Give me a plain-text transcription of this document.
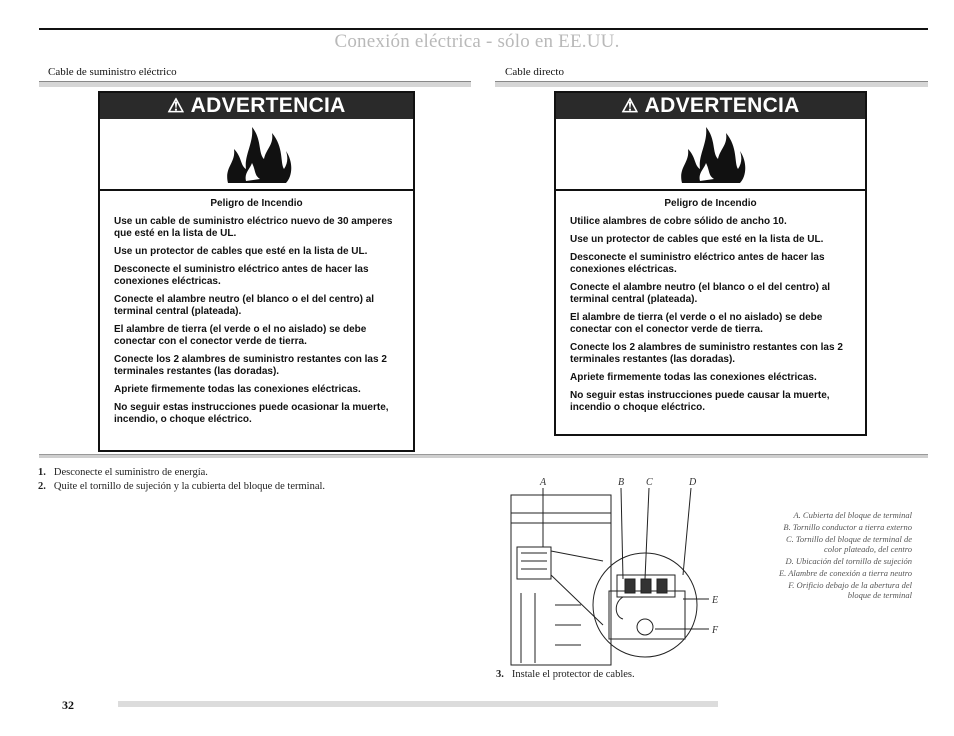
Conexión eléctrica - sólo en EE.UU.
Cable de suministro eléctrico	Cable directo
⚠ ADVERTENCIA
Peligro de Incendio

Use un cable de suministro eléctrico nuevo de 30 amperes que esté en la lista de UL.

Use un protector de cables que esté en la lista de UL.

Desconecte el suministro eléctrico antes de hacer las conexiones eléctricas.

Conecte el alambre neutro (el blanco o el del centro) al terminal central (plateada).

El alambre de tierra (el verde o el no aislado) se debe conectar con el conector verde de tierra.

Conecte los 2 alambres de suministro restantes con las 2 terminales restantes (las doradas).

Apriete firmemente todas las conexiones eléctricas.

No seguir estas instrucciones puede ocasionar la muerte, incendio, o choque eléctrico.

⚠ ADVERTENCIA
Peligro de Incendio

Utilice alambres de cobre sólido de ancho 10.

Use un protector de cables que esté en la lista de UL.

Desconecte el suministro eléctrico antes de hacer las conexiones eléctricas.

Conecte el alambre neutro (el blanco o el del centro) al terminal central (plateada).

El alambre de tierra (el verde o el no aislado) se debe conectar con el conector verde de tierra.

Conecte los 2 alambres de suministro restantes con las 2 terminales restantes (las doradas).

Apriete firmemente todas las conexiones eléctricas.

No seguir estas instrucciones puede causar la muerte, incendio o choque eléctrico.

1. Desconecte el suministro de energía.
2. Quite el tornillo de sujeción y la cubierta del bloque de terminal.
3. Instale el protector de cables.
A	B C	D
E
F
A. Cubierta del bloque de terminal
B. Tornillo conductor a tierra externo
C. Tornillo del bloque de terminal de color plateado, del centro
D. Ubicación del tornillo de sujeción
E. Alambre de conexión a tierra neutro
F. Orificio debajo de la abertura del bloque de terminal
32
